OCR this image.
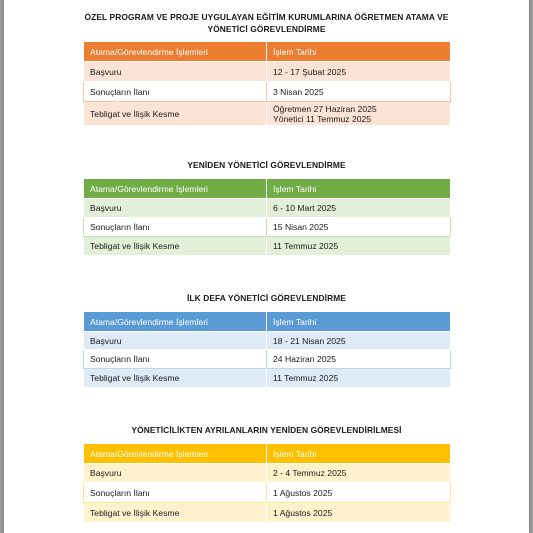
ÖZEL PROGRAM VE PROJE UYGULAYAN EĞİTİM KURUMLARINA ÖĞRETMEN ATAMA VE
YÖNETİCİ GÖREVLENDİRME
Atama/Görevlendirme İşlemleri	İşlem Tarihi
Başvuru	12 - 17 Şubat 2025
Sonuçların İlanı	3 Nisan 2025
Tebligat ve İlişik Kesme	Öğretmen 27 Haziran 2025
Yönetici 11 Temmuz 2025
YENİDEN YÖNETİCİ GÖREVLENDİRME
Atama/Görevlendirme İşlemleri	İşlem Tarihi
Başvuru	6 - 10 Mart 2025
Sonuçların İlanı	15 Nisan 2025
Tebligat ve İlişik Kesme	11 Temmuz 2025
İLK DEFA YÖNETİCİ GÖREVLENDİRME
Atama/Görevlendirme İşlemleri	İşlem Tarihi
Başvuru	18 - 21 Nisan 2025
Sonuçların İlanı	24 Haziran 2025
Tebligat ve İlişik Kesme	11 Temmuz 2025
YÖNETİCİLİKTEN AYRILANLARIN YENİDEN GÖREVLENDİRİLMESİ
Atama/Görevlendirme İşlemleri	İşlem Tarihi
Başvuru	2 - 4 Temmuz 2025
Sonuçların İlanı	1 Ağustos 2025
Tebligat ve İlişik Kesme	1 Ağustos 2025
